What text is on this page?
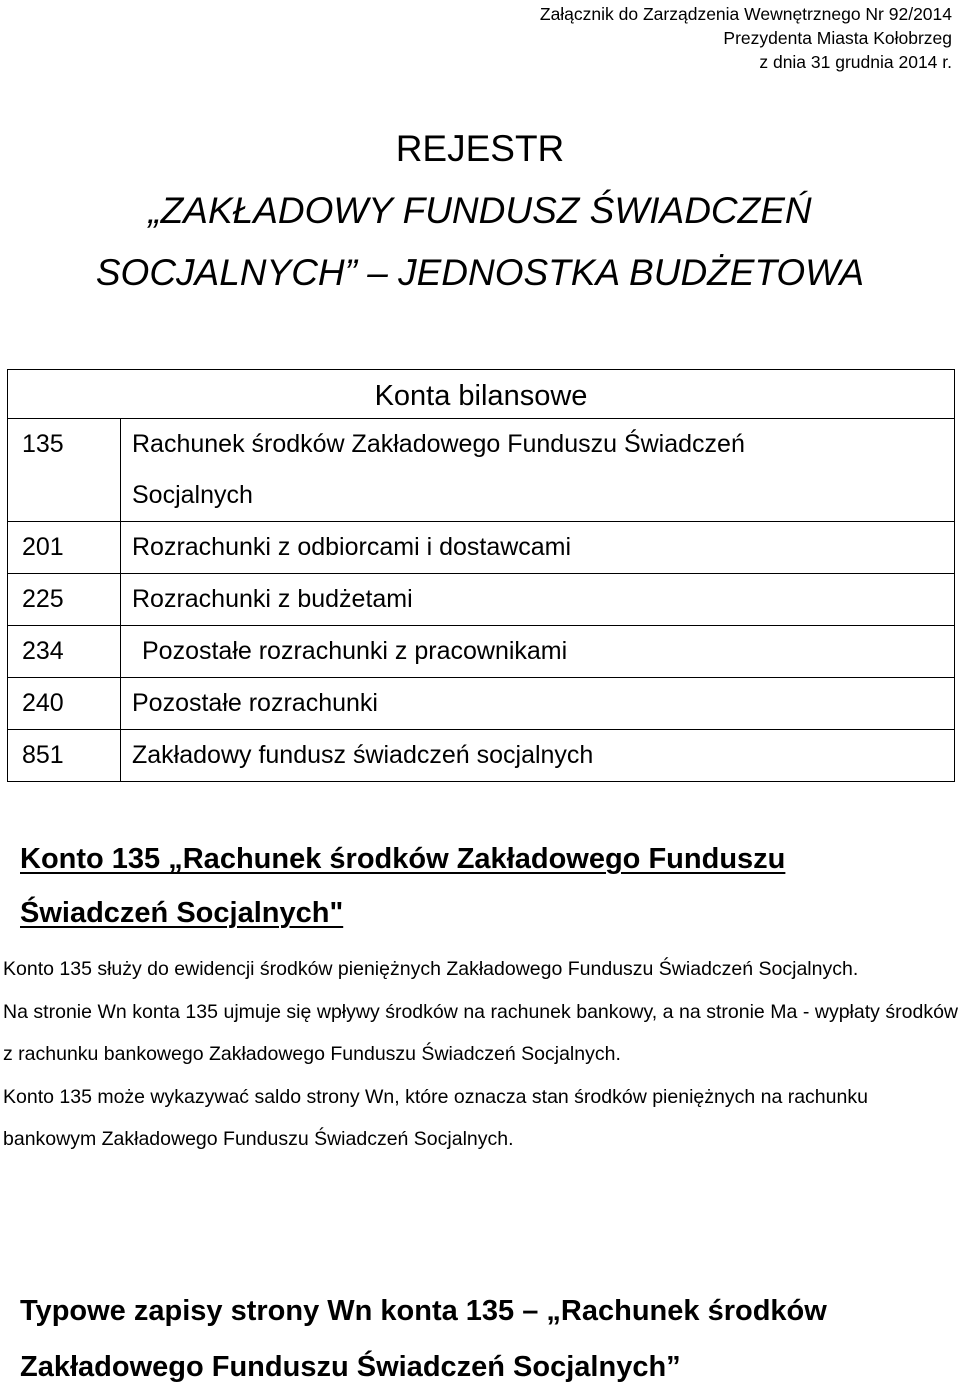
Załącznik do Zarządzenia Wewnętrznego Nr 92/2014
Prezydenta Miasta Kołobrzeg
z dnia 31 grudnia 2014 r.
REJESTR
„ZAKŁADOWY FUNDUSZ ŚWIADCZEŃ
SOCJALNYCH” – JEDNOSTKA BUDŻETOWA
Konta bilansowe	
135	Rachunek środków Zakładowego Funduszu Świadczeń
Socjalnych

201	Rozrachunki z odbiorcami i dostawcami
225	Rozrachunki z budżetami
234	Pozostałe rozrachunki z pracownikami
240	Pozostałe rozrachunki
851	Zakładowy fundusz świadczeń socjalnych
Konto 135 „Rachunek środków Zakładowego Funduszu
Świadczeń Socjalnych"

Konto 135 służy do ewidencji środków pieniężnych Zakładowego Funduszu Świadczeń Socjalnych.

Na stronie Wn konta 135 ujmuje się wpływy środków na rachunek bankowy, a na stronie Ma - wypłaty środków z rachunku bankowego Zakładowego Funduszu Świadczeń Socjalnych.

Konto 135 może wykazywać saldo strony Wn, które oznacza stan środków pieniężnych na rachunku bankowym Zakładowego Funduszu Świadczeń Socjalnych.

Typowe zapisy strony Wn konta 135 – „Rachunek środków
Zakładowego Funduszu Świadczeń Socjalnych”
